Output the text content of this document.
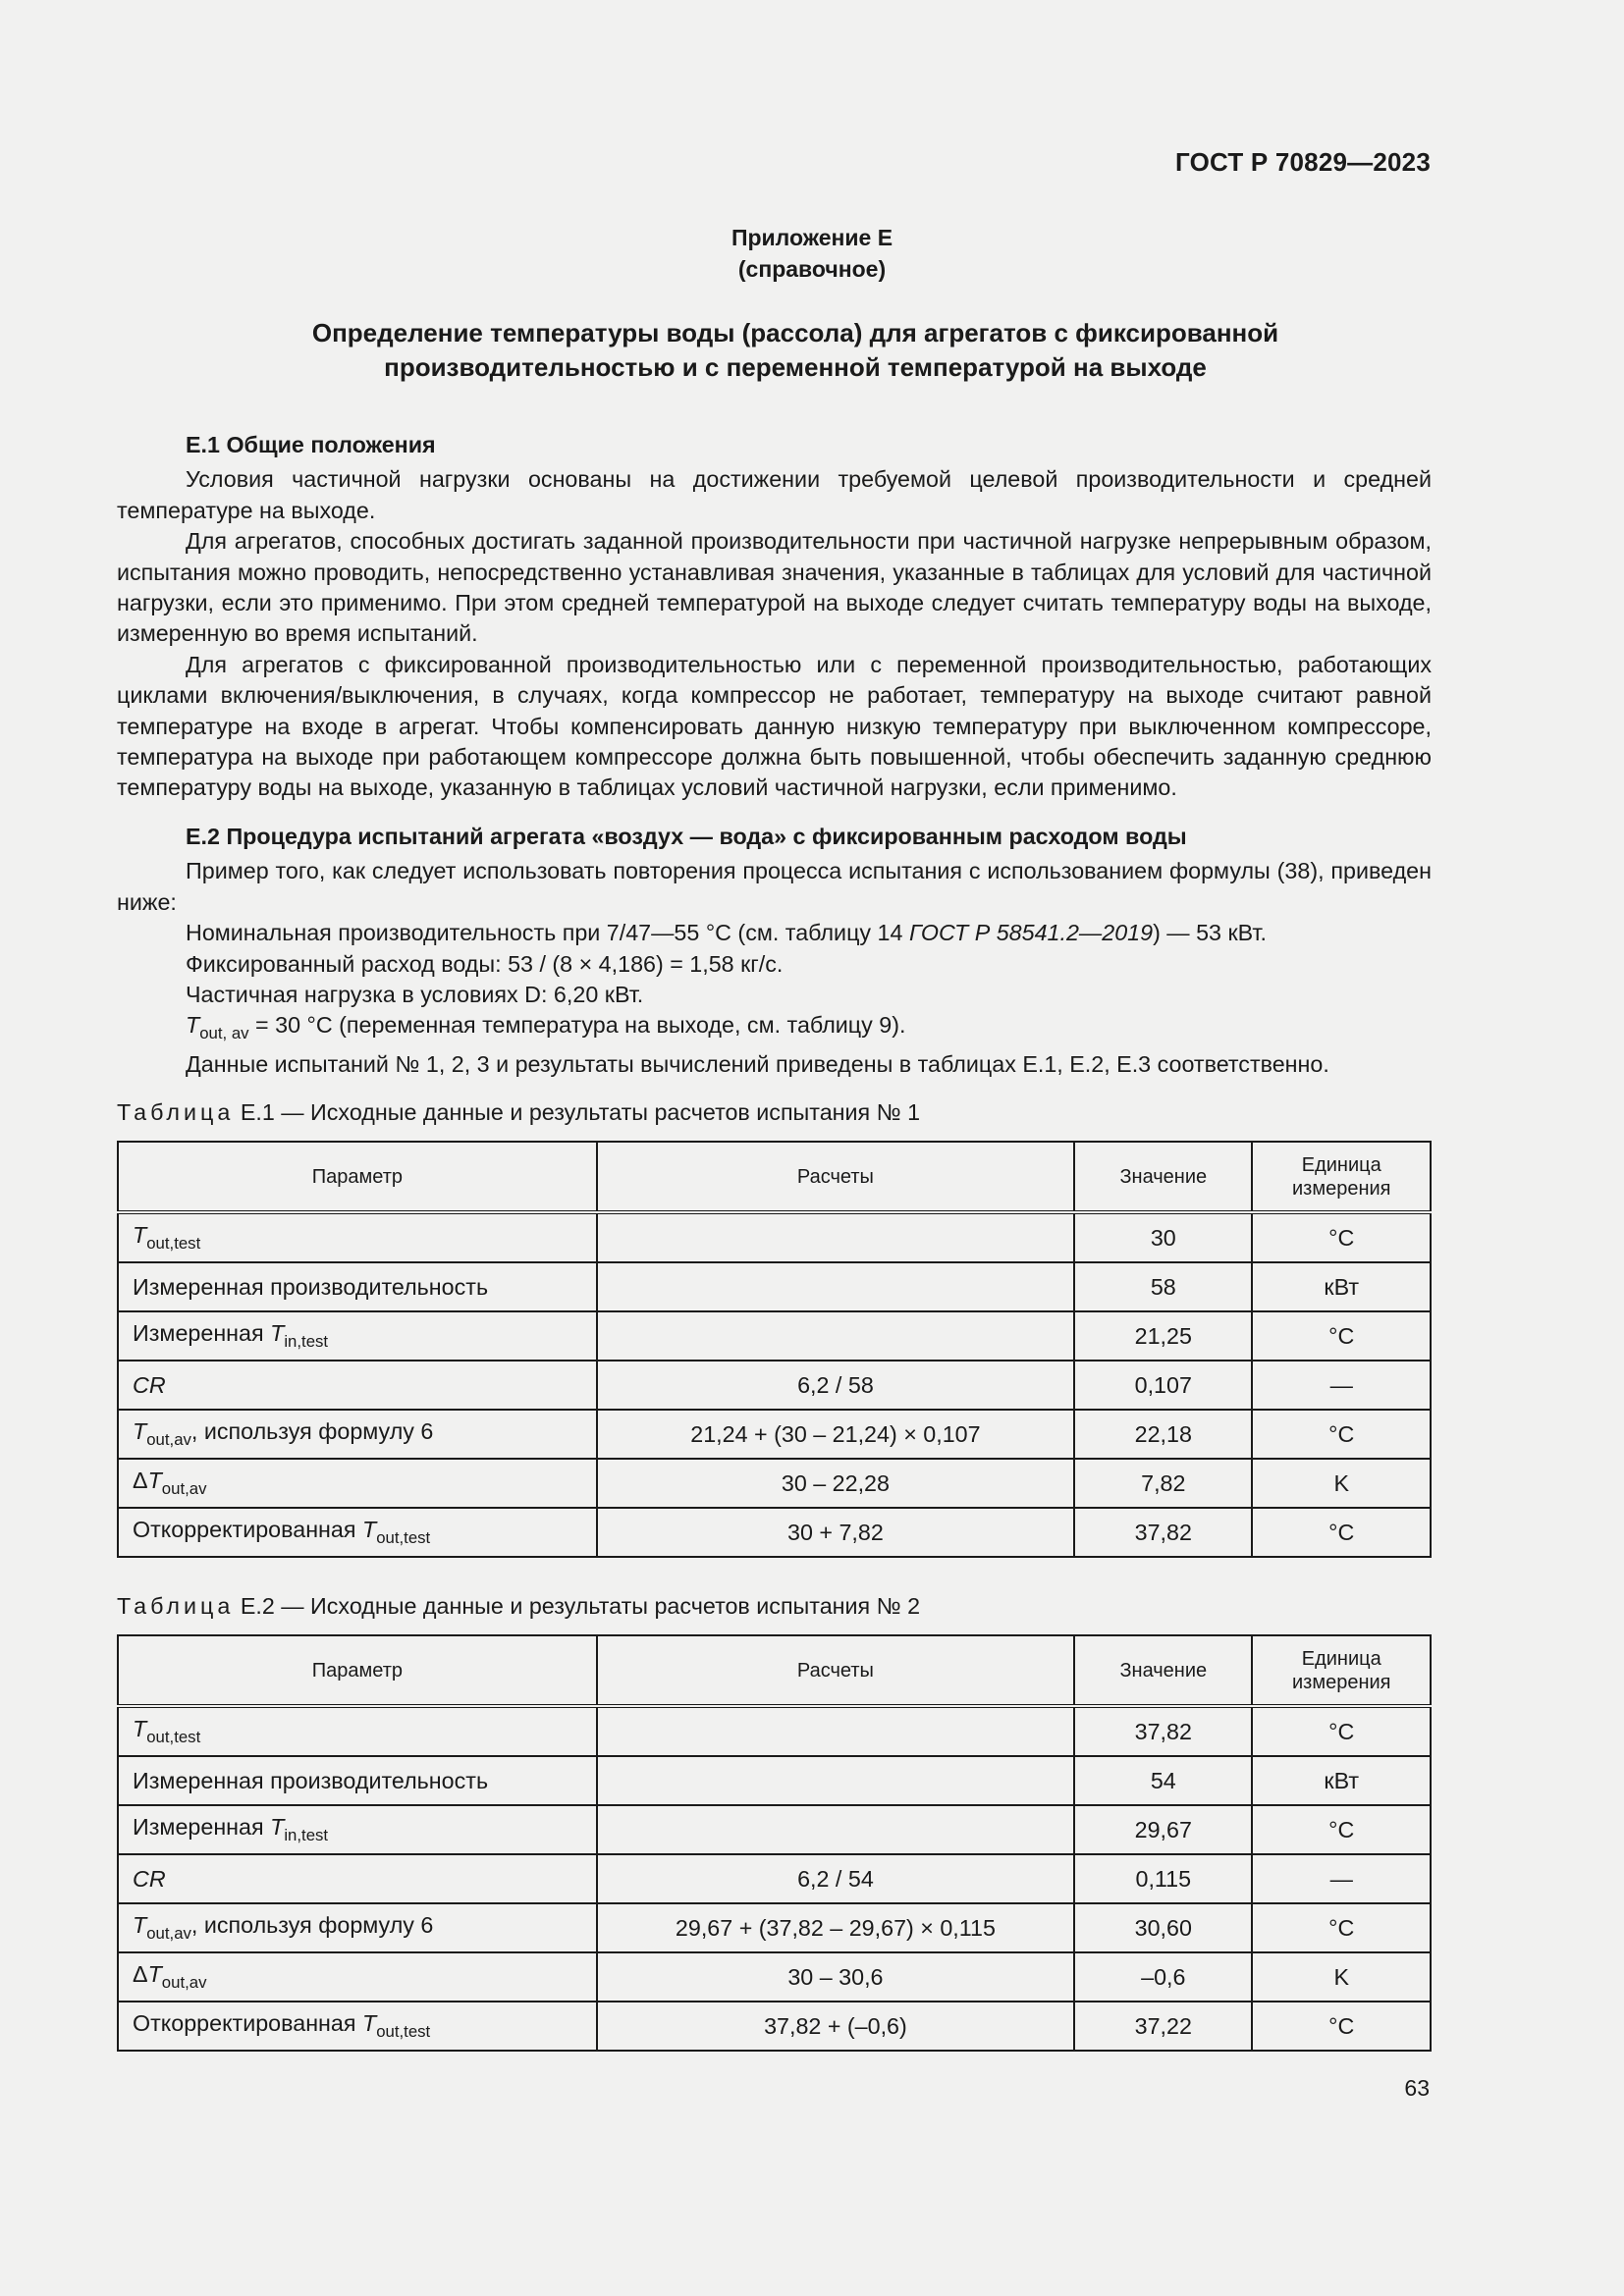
ГОСТ Р 70829—2023
Приложение Е
(справочное)
Определение температуры воды (рассола) для агрегатов с фиксированной
производительностью и с переменной температурой на выходе

Е.1 Общие положения

Условия частичной нагрузки основаны на достижении требуемой целевой производительности и средней температуре на выходе.

Для агрегатов, способных достигать заданной производительности при частичной нагрузке непрерывным образом, испытания можно проводить, непосредственно устанавливая значения, указанные в таблицах для условий для частичной нагрузки, если это применимо. При этом средней температурой на выходе следует считать температуру воды на выходе, измеренную во время испытаний.

Для агрегатов с фиксированной производительностью или с переменной производительностью, работающих циклами включения/выключения, в случаях, когда компрессор не работает, температуру на выходе считают равной температуре на входе в агрегат. Чтобы компенсировать данную низкую температуру при выключенном компрессоре, температура на выходе при работающем компрессоре должна быть повышенной, чтобы обеспечить заданную среднюю температуру воды на выходе, указанную в таблицах условий частичной нагрузки, если применимо.

Е.2 Процедура испытаний агрегата «воздух — вода» с фиксированным расходом воды

Пример того, как следует использовать повторения процесса испытания с использованием формулы (38), приведен ниже:

Номинальная производительность при 7/47—55 °С (см. таблицу 14 ГОСТ Р 58541.2—2019) — 53 кВт.

Фиксированный расход воды: 53 / (8 × 4,186) = 1,58 кг/с.

Частичная нагрузка в условиях D: 6,20 кВт.

$T_{out, av} = 30$ °С (переменная температура на выходе, см. таблицу 9).

Данные испытаний № 1, 2, 3 и результаты вычислений приведены в таблицах Е.1, Е.2, Е.3 соответственно.

Таблица Е.1 — Исходные данные и результаты расчетов испытания № 1
Параметр	Расчеты	Значение	Единица
измерения
$T_{out,test}$		30	°С
Измеренная производительность		58	кВт
Измеренная $T_{in,test}$		21,25	°С
CR	6,2 / 58	0,107	—
$T_{out,av}$, используя формулу 6	21,24 + (30 – 21,24) × 0,107	22,18	°С
$\Delta T_{out,av}$	30 – 22,28	7,82	K
Откорректированная $T_{out,test}$	30 + 7,82	37,82	°С
Таблица Е.2 — Исходные данные и результаты расчетов испытания № 2
Параметр	Расчеты	Значение	Единица
измерения
$T_{out,test}$		37,82	°С
Измеренная производительность		54	кВт
Измеренная $T_{in,test}$		29,67	°С
CR	6,2 / 54	0,115	—
$T_{out,av}$, используя формулу 6	29,67 + (37,82 – 29,67) × 0,115	30,60	°С
$\Delta T_{out,av}$	30 – 30,6	–0,6	K
Откорректированная $T_{out,test}$	37,82 + (–0,6)	37,22	°С
63
